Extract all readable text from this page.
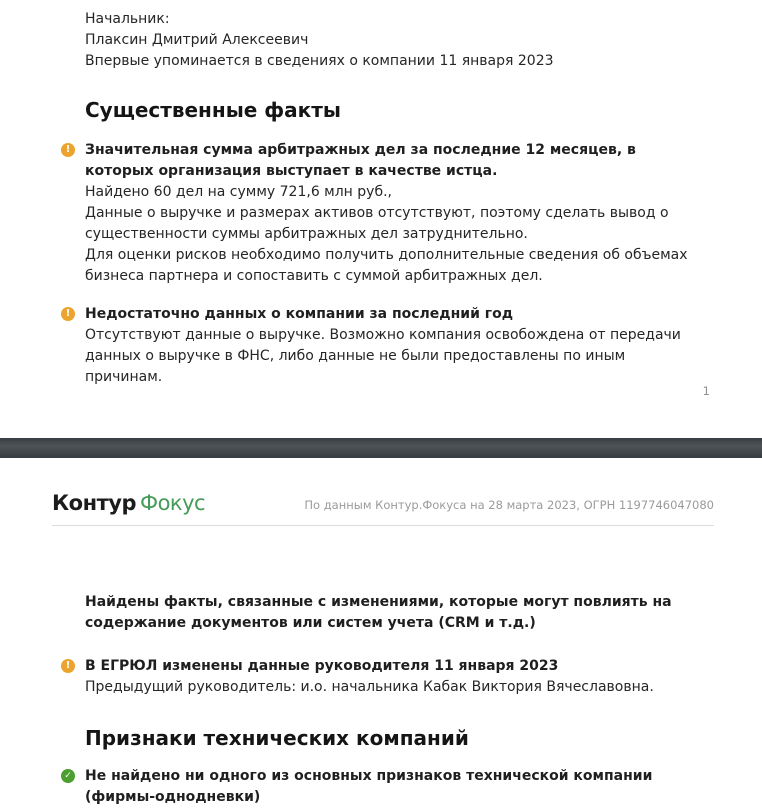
Начальник:

Плаксин Дмитрий Алексеевич

Впервые упоминается в сведениях о компании 11 января 2023

Существенные факты
!	Значительная сумма арбитражных дел за последние 12 месяцев, в которых организация выступает в качестве истца.

Найдено 60 дел на сумму 721,6 млн руб.,

Данные о выручке и размерах активов отсутствуют, поэтому сделать вывод о существенности суммы арбитражных дел затруднительно.

Для оценки рисков необходимо получить дополнительные сведения об объемах бизнеса партнера и сопоставить с суммой арбитражных дел.

!	Недостаточно данных о компании за последний год

Отсутствуют данные о выручке. Возможно компания освобождена от передачи данных о выручке в ФНС, либо данные не были предоставлены по иным причинам.

1
Контур Фокус	По данным Контур.Фокуса на 28 марта 2023, ОГРН 1197746047080

Найдены факты, связанные с изменениями, которые могут повлиять на содержание документов или систем учета (CRM и т.д.)

!	В ЕГРЮЛ изменены данные руководителя 11 января 2023

Предыдущий руководитель: и.о. начальника Кабак Виктория Вячеславовна.

Признаки технических компаний
✓ Не найдено ни одного из основных признаков технической компании (фирмы-однодневки)
